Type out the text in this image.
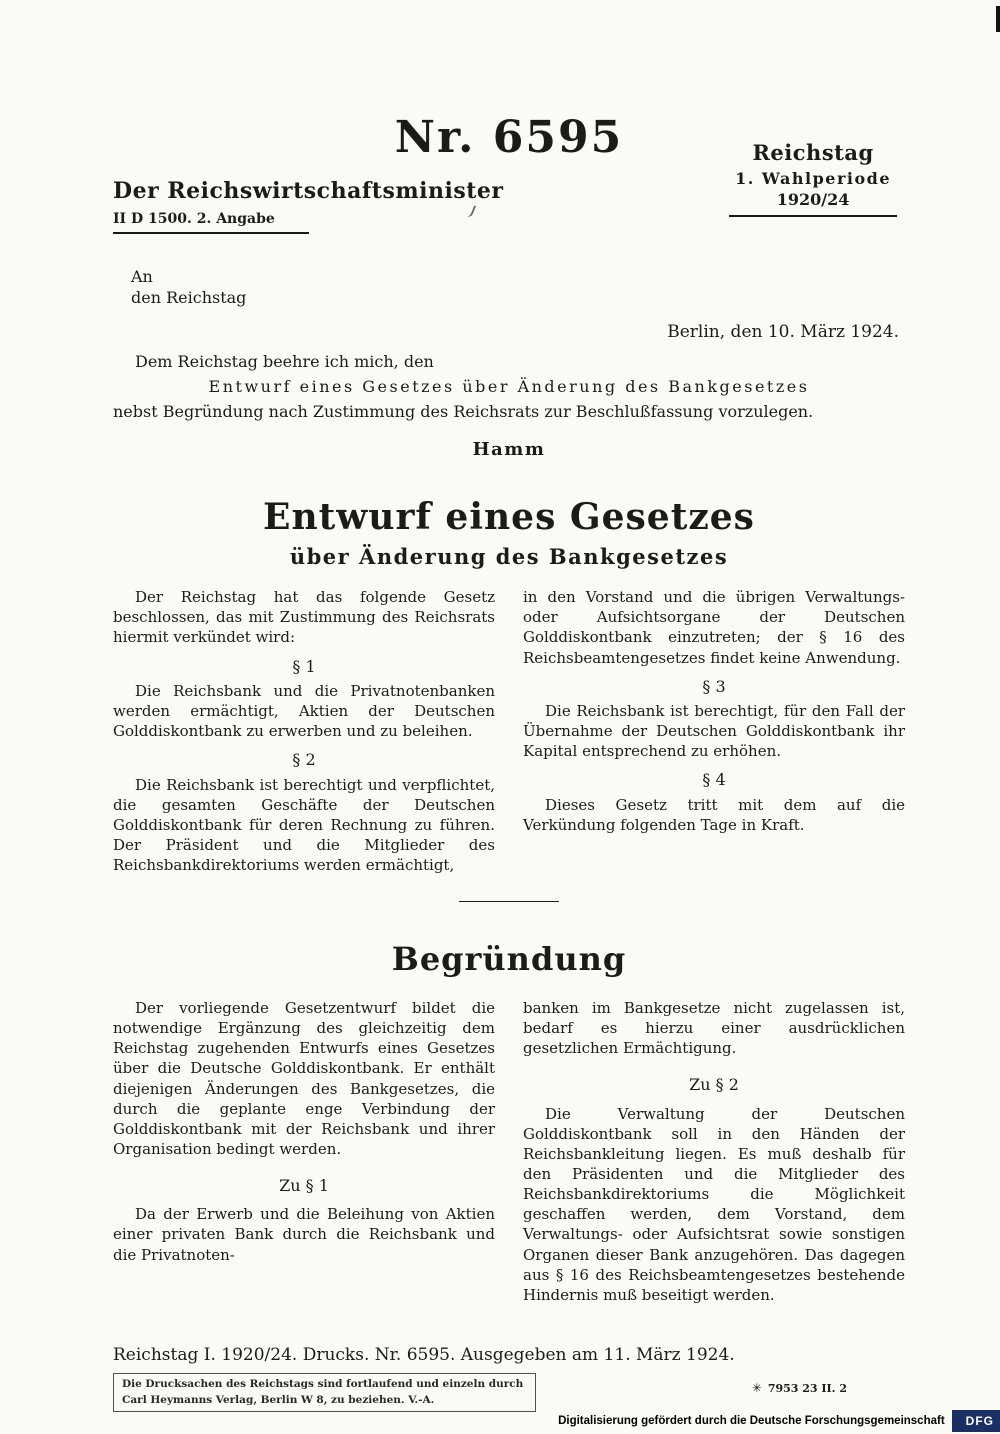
Nr. 6595
Der Reichswirtschaftsminister
II D 1500. 2. Angabe
Reichstag
1. Wahlperiode
1920/24
An
den Reichstag
Berlin, den 10. März 1924.
Dem Reichstag beehre ich mich, den
Entwurf eines Gesetzes über Änderung des Bankgesetzes
nebst Begründung nach Zustimmung des Reichsrats zur Beschlußfassung vorzulegen.
Hamm
Entwurf eines Gesetzes
über Änderung des Bankgesetzes

Der Reichstag hat das folgende Gesetz beschlossen, das mit Zustimmung des Reichsrats hiermit verkündet wird:

§ 1

Die Reichsbank und die Privatnotenbanken werden ermächtigt, Aktien der Deutschen Golddiskontbank zu erwerben und zu beleihen.

§ 2

Die Reichsbank ist berechtigt und verpflichtet, die gesamten Geschäfte der Deutschen Golddiskontbank für deren Rechnung zu führen. Der Präsident und die Mitglieder des Reichsbankdirektoriums werden ermächtigt,

in den Vorstand und die übrigen Verwaltungs- oder Aufsichtsorgane der Deutschen Golddiskontbank einzutreten; der § 16 des Reichsbeamtengesetzes findet keine Anwendung.

§ 3

Die Reichsbank ist berechtigt, für den Fall der Übernahme der Deutschen Golddiskontbank ihr Kapital entsprechend zu erhöhen.

§ 4

Dieses Gesetz tritt mit dem auf die Verkündung folgenden Tage in Kraft.

Begründung

Der vorliegende Gesetzentwurf bildet die notwendige Ergänzung des gleichzeitig dem Reichstag zugehenden Entwurfs eines Gesetzes über die Deutsche Golddiskontbank. Er enthält diejenigen Änderungen des Bankgesetzes, die durch die geplante enge Verbindung der Golddiskontbank mit der Reichsbank und ihrer Organisation bedingt werden.

Zu § 1

Da der Erwerb und die Beleihung von Aktien einer privaten Bank durch die Reichsbank und die Privatnoten-

banken im Bankgesetze nicht zugelassen ist, bedarf es hierzu einer ausdrücklichen gesetzlichen Ermächtigung.

Zu § 2

Die Verwaltung der Deutschen Golddiskontbank soll in den Händen der Reichsbankleitung liegen. Es muß deshalb für den Präsidenten und die Mitglieder des Reichsbankdirektoriums die Möglichkeit geschaffen werden, dem Vorstand, dem Verwaltungs- oder Aufsichtsrat sowie sonstigen Organen dieser Bank anzugehören. Das dagegen aus § 16 des Reichsbeamtengesetzes bestehende Hindernis muß beseitigt werden.

Reichstag I. 1920/24. Drucks. Nr. 6595. Ausgegeben am 11. März 1924.
Die Drucksachen des Reichstags sind fortlaufend und einzeln durch
Carl Heymanns Verlag, Berlin W 8, zu beziehen. V.-A.
✳ 7953 23 II. 2
Digitalisierung gefördert durch die Deutsche Forschungsgemeinschaft	DFG
